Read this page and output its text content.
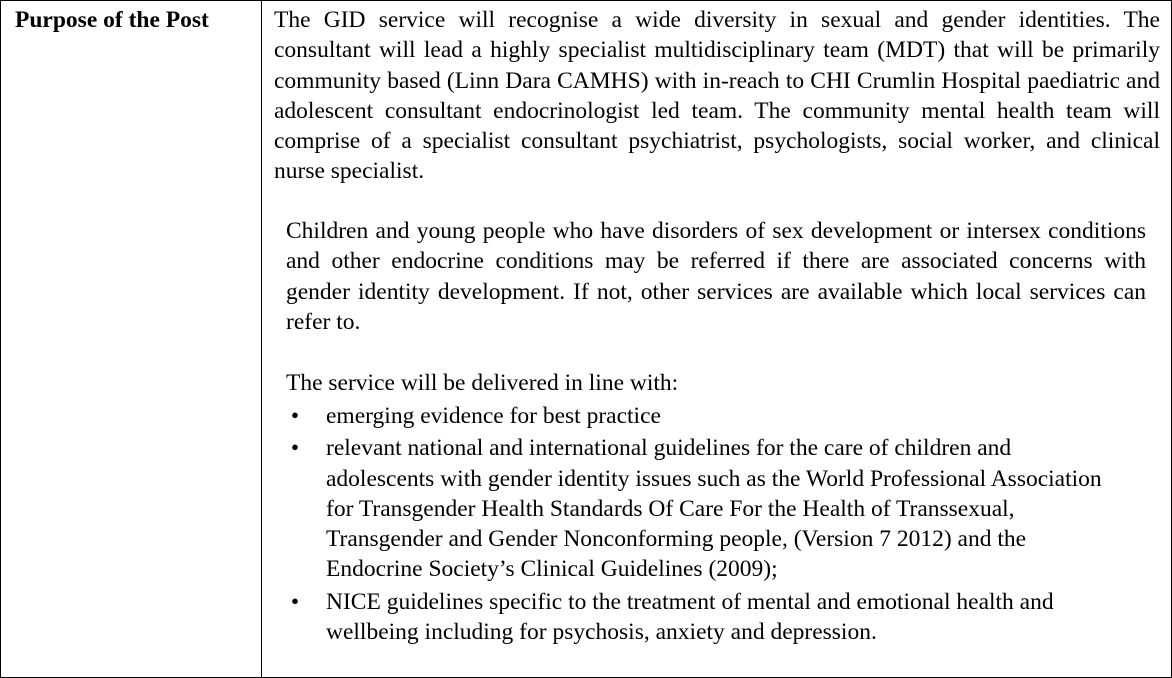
Purpose of the Post	The GID service will recognise a wide diversity in sexual and gender identities. The consultant will lead a highly specialist multidisciplinary team (MDT) that will be primarily community based (Linn Dara CAMHS) with in-reach to CHI Crumlin Hospital paediatric and adolescent consultant endocrinologist led team. The community mental health team will comprise of a specialist consultant psychiatrist, psychologists, social worker, and clinical nurse specialist.

Children and young people who have disorders of sex development or intersex conditions and other endocrine conditions may be referred if there are associated concerns with gender identity development. If not, other services are available which local services can refer to.

The service will be delivered in line with:

• emerging evidence for best practice
• relevant national and international guidelines for the care of children and adolescents with gender identity issues such as the World Professional Association for Transgender Health Standards Of Care For the Health of Transsexual, Transgender and Gender Nonconforming people, (Version 7 2012) and the Endocrine Society’s Clinical Guidelines (2009);
• NICE guidelines specific to the treatment of mental and emotional health and wellbeing including for psychosis, anxiety and depression.
